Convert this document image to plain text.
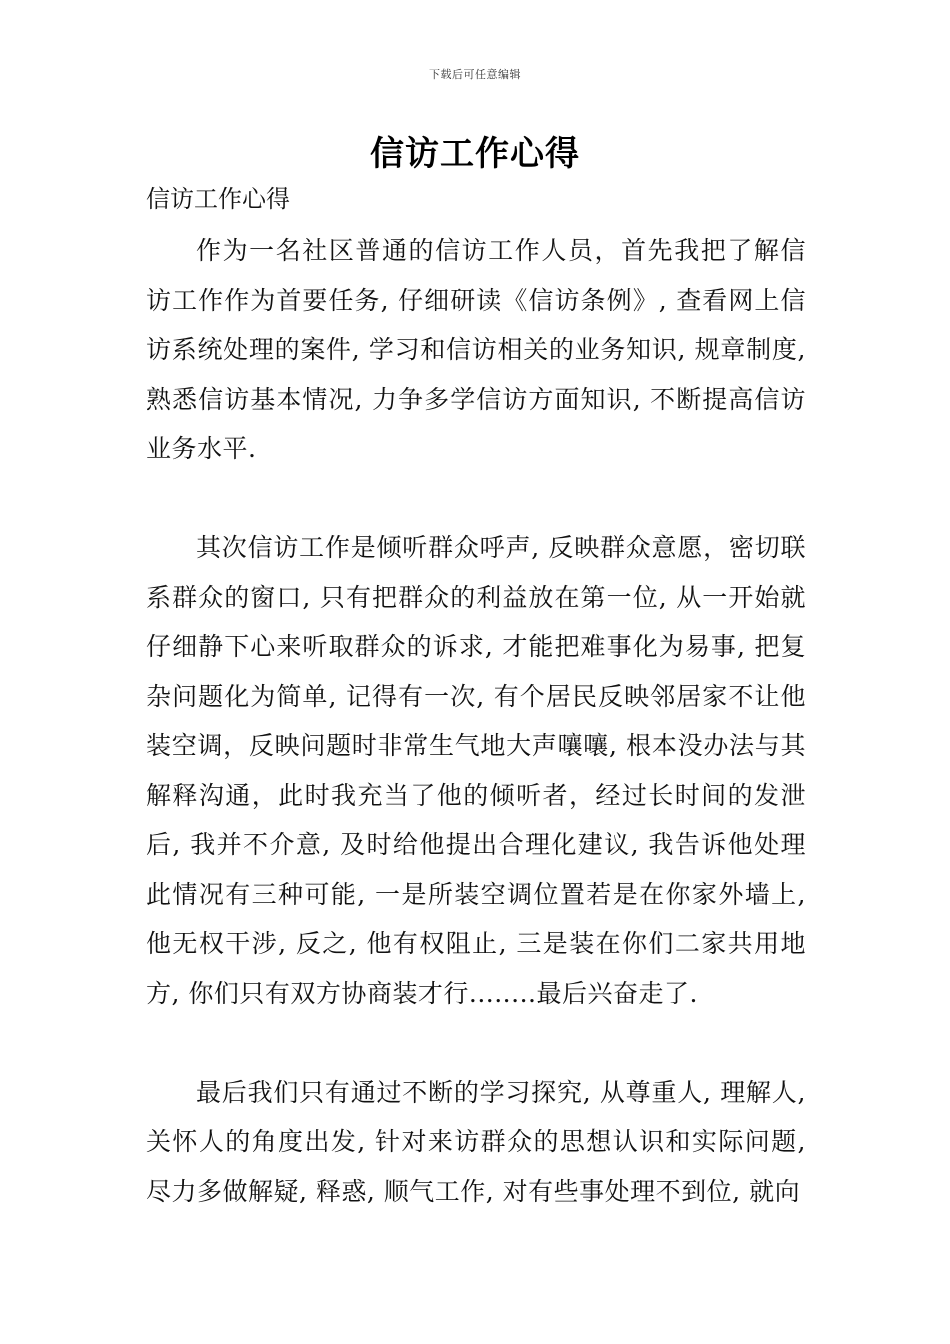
下载后可任意编辑
信访工作心得
信访工作心得

作为一名社区普通的信访工作人员，首先我把了解信访工作作为首要任务, 仔细研读《信访条例》, 查看网上信访系统处理的案件, 学习和信访相关的业务知识, 规章制度, 熟悉信访基本情况, 力争多学信访方面知识, 不断提高信访业务水平.

其次信访工作是倾听群众呼声, 反映群众意愿，密切联系群众的窗口, 只有把群众的利益放在第一位, 从一开始就仔细静下心来听取群众的诉求, 才能把难事化为易事, 把复杂问题化为简单, 记得有一次, 有个居民反映邻居家不让他装空调，反映问题时非常生气地大声嚷嚷, 根本没办法与其解释沟通，此时我充当了他的倾听者，经过长时间的发泄后, 我并不介意, 及时给他提出合理化建议, 我告诉他处理此情况有三种可能, 一是所装空调位置若是在你家外墙上, 他无权干涉, 反之, 他有权阻止, 三是装在你们二家共用地方, 你们只有双方协商装才行........最后兴奋走了.

最后我们只有通过不断的学习探究, 从尊重人, 理解人, 关怀人的角度出发, 针对来访群众的思想认识和实际问题, 尽力多做解疑, 释惑, 顺气工作, 对有些事处理不到位, 就向
